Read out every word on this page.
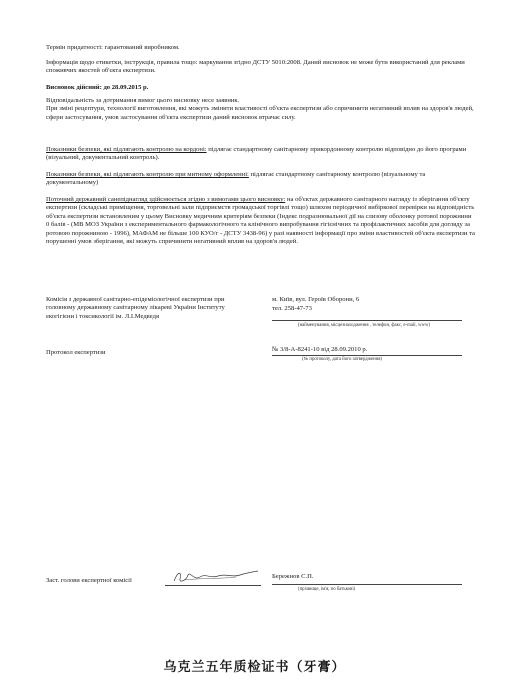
Термін придатності: гарантований виробником.
Інформація щодо етикетки, інструкція, правила тощо: маркування згідно ДСТУ 5010:2008. Даний висновок не може бути використаний для реклами споживчих якостей об'єкта експертизи.
Висновок дійсний: до 28.09.2015 р.
Відповідальність за дотримання вимог цього висновку несе заявник.
При зміні рецептури, технології виготовлення, які можуть змінити властивості об'єкта експертизи або спричинити негативний вплив на здоров'я людей, сфери застосування, умов застосування об'єкта експертизи даний висновок втрачає силу.
Показники безпеки, які підлягають контролю на кордоні: підлягає стандартному санітарному прикордонному контролю відповідно до його програми (візуальний, документальний контроль).
Показники безпеки, які підлягають контролю при митному оформленні: підлягає стандартному санітарному контролю (візуальному та документальному)
Поточний державний санепіднагляд здійснюється згідно з вимогами цього висновку: на об'єктах державного санітарного нагляду із зберігання об'єкту експертизи (складські приміщення, торговельні зали підприємств громадської торгівлі тощо) шляхом періодичної вибіркової перевірки на відповідність об'єкта експертизи встановленим у цьому Висновку медичним критеріям безпеки (Індекс подразнювальної дії на слизову оболонку ротової порожнини 0 балів - (МВ МОЗ України з експериментального фармакологічного та клінічного випробування гігієнічних та профілактичних засобів для догляду за ротовою порожниною - 1996), МАФАМ не більше 100 КУО/г - ДСТУ 3438-96) у разі наявності інформації про зміни властивостей об'єкта експертизи та порушенні умов зберігання, які можуть спричинити негативний вплив на здоров'я людей.
Комісія з державної санітарно-епідеміологічної експертизи при головному державному санітарному лікареві України Інституту екогігієни і токсикології ім. Л.І.Медведя
м. Київ, вул. Героїв Оборони, 6
тел. 258-47-73
(найменування, місцезнаходження , телефон, факс, e-mail, www)
Протокол експертизи	№ 3/8-А-8241-10 від 28.09.2010 р.
(№ протоколу, дата його затвердження)
Заст. голови експертної комісії
Бережнов С.П.
(прізвище, ім'я, по батькові)
乌克兰五年质检证书（牙膏）
